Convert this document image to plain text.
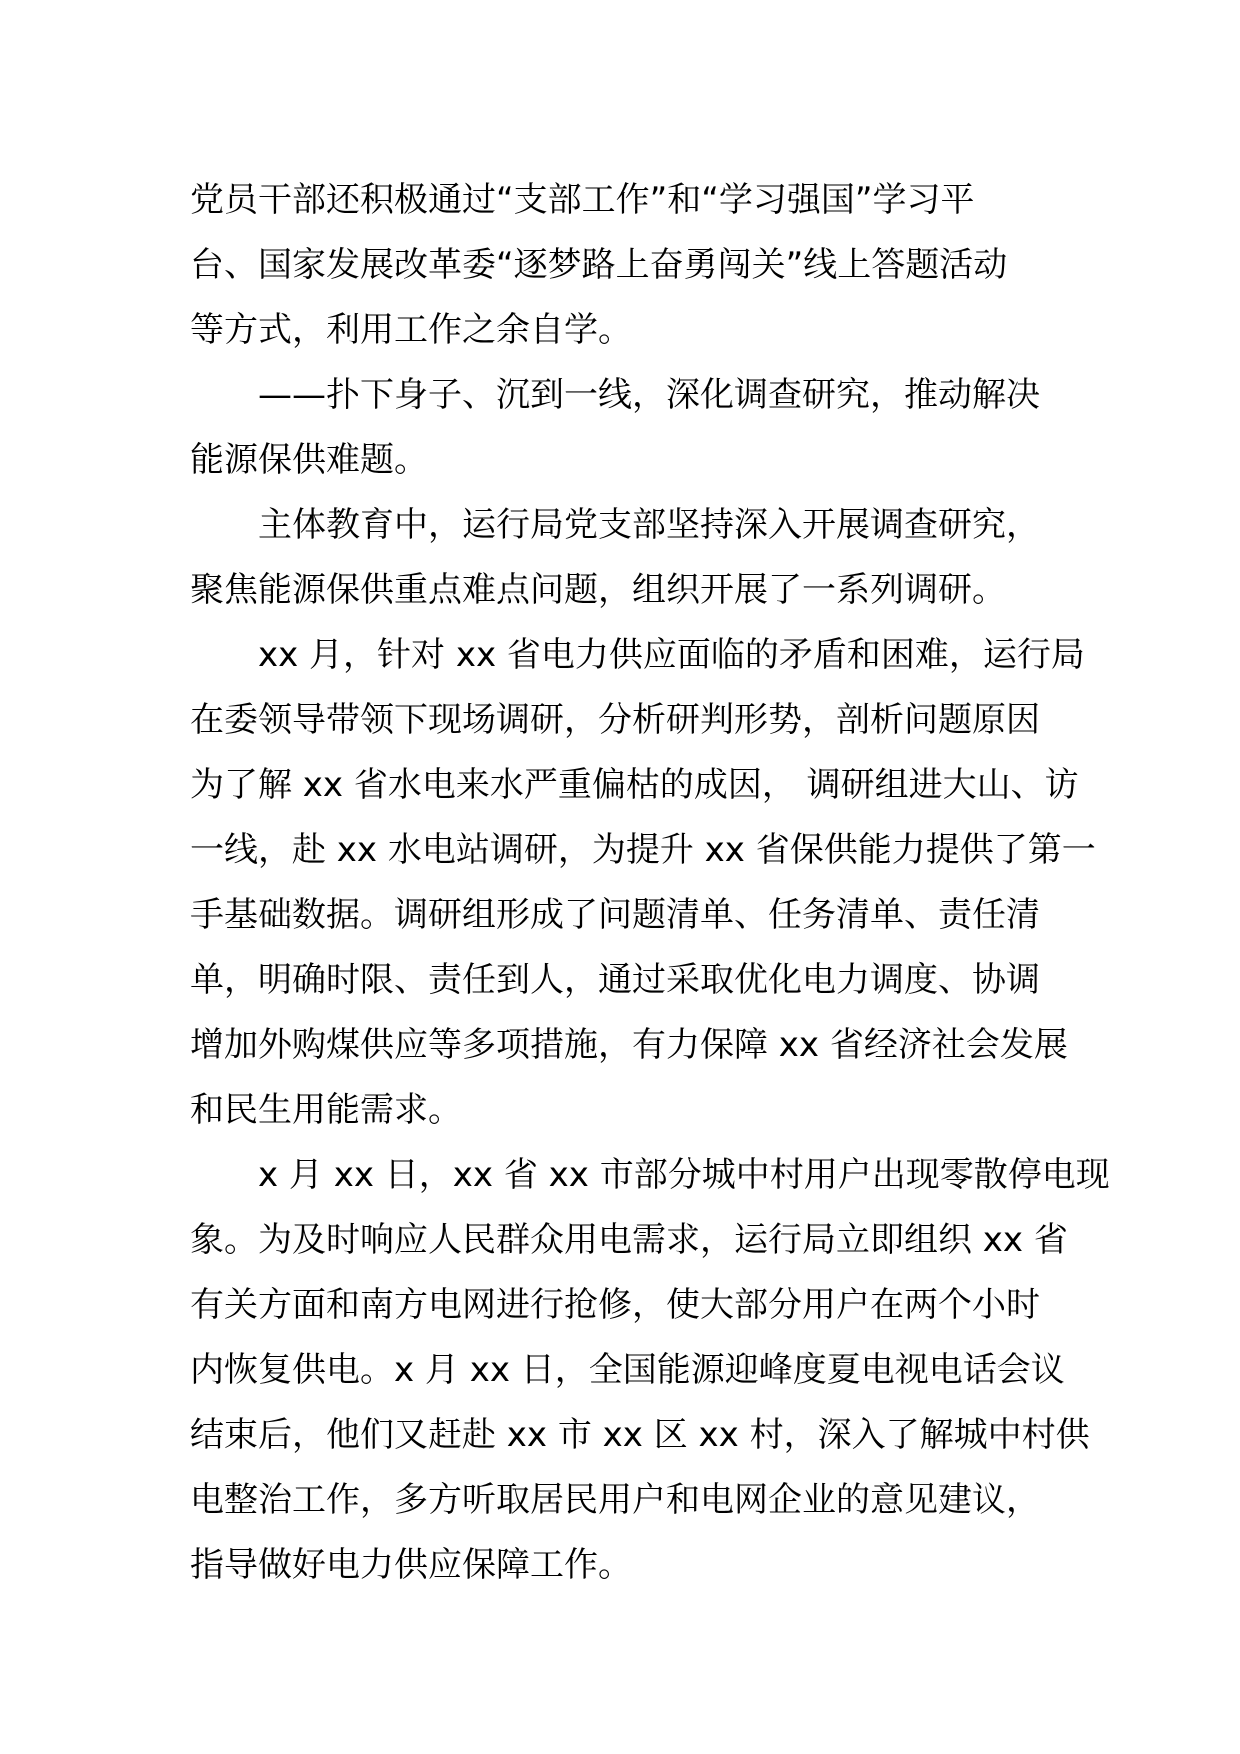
党员干部还积极通过“支部工作”和“学习强国”学习平
台、国家发展改革委“逐梦路上奋勇闯关”线上答题活动
等方式，利用工作之余自学。
——扑下身子、沉到一线，深化调查研究，推动解决
能源保供难题。
主体教育中，运行局党支部坚持深入开展调查研究，
聚焦能源保供重点难点问题，组织开展了一系列调研。
xx 月，针对 xx 省电力供应面临的矛盾和困难，运行局
在委领导带领下现场调研，分析研判形势，剖析问题原因
为了解 xx 省水电来水严重偏枯的成因， 调研组进大山、访
一线，赴 xx 水电站调研，为提升 xx 省保供能力提供了第一
手基础数据。调研组形成了问题清单、任务清单、责任清
单，明确时限、责任到人，通过采取优化电力调度、协调
增加外购煤供应等多项措施，有力保障 xx 省经济社会发展
和民生用能需求。
x 月 xx 日，xx 省 xx 市部分城中村用户出现零散停电现
象。为及时响应人民群众用电需求，运行局立即组织 xx 省
有关方面和南方电网进行抢修，使大部分用户在两个小时
内恢复供电。x 月 xx 日，全国能源迎峰度夏电视电话会议
结束后，他们又赶赴 xx 市 xx 区 xx 村，深入了解城中村供
电整治工作，多方听取居民用户和电网企业的意见建议，
指导做好电力供应保障工作。
